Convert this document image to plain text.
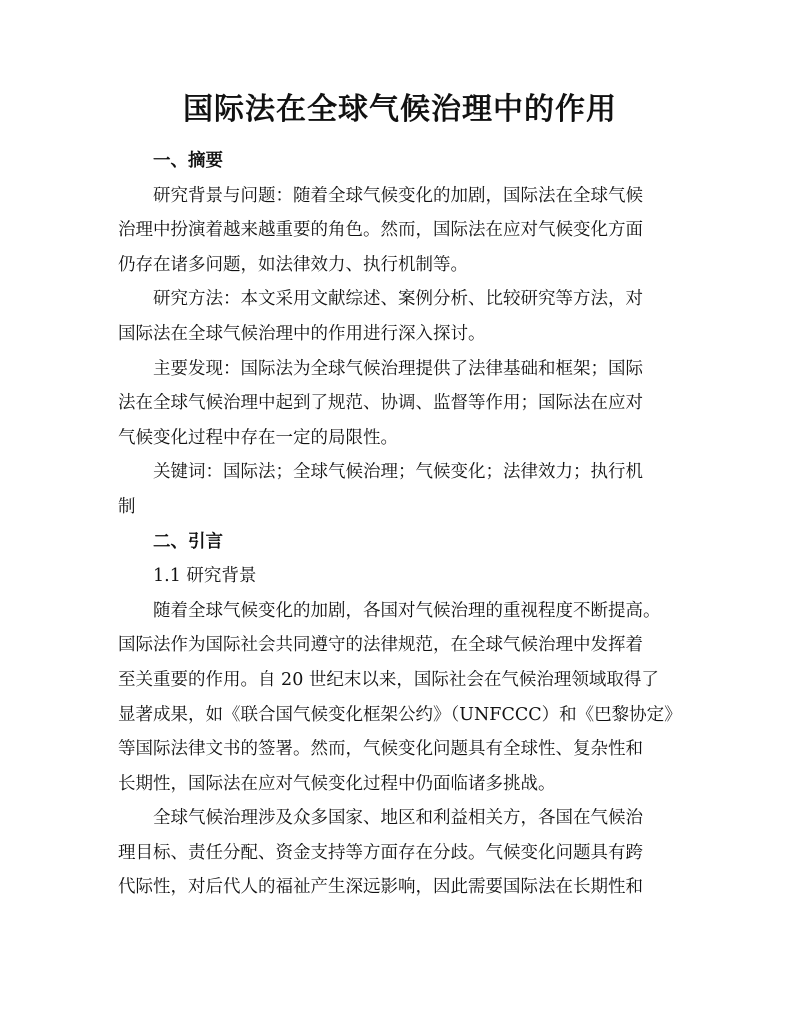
国际法在全球气候治理中的作用

一、摘要

研究背景与问题：随着全球气候变化的加剧，国际法在全球气候
治理中扮演着越来越重要的角色。然而，国际法在应对气候变化方面
仍存在诸多问题，如法律效力、执行机制等。

研究方法：本文采用文献综述、案例分析、比较研究等方法，对
国际法在全球气候治理中的作用进行深入探讨。

主要发现：国际法为全球气候治理提供了法律基础和框架；国际
法在全球气候治理中起到了规范、协调、监督等作用；国际法在应对
气候变化过程中存在一定的局限性。

关键词：国际法；全球气候治理；气候变化；法律效力；执行机
制

二、引言

1.1 研究背景

随着全球气候变化的加剧，各国对气候治理的重视程度不断提高。
国际法作为国际社会共同遵守的法律规范，在全球气候治理中发挥着
至关重要的作用。自 20 世纪末以来，国际社会在气候治理领域取得了
显著成果，如《联合国气候变化框架公约》（UNFCCC）和《巴黎协定》
等国际法律文书的签署。然而，气候变化问题具有全球性、复杂性和
长期性，国际法在应对气候变化过程中仍面临诸多挑战。

全球气候治理涉及众多国家、地区和利益相关方，各国在气候治
理目标、责任分配、资金支持等方面存在分歧。气候变化问题具有跨
代际性，对后代人的福祉产生深远影响，因此需要国际法在长期性和
